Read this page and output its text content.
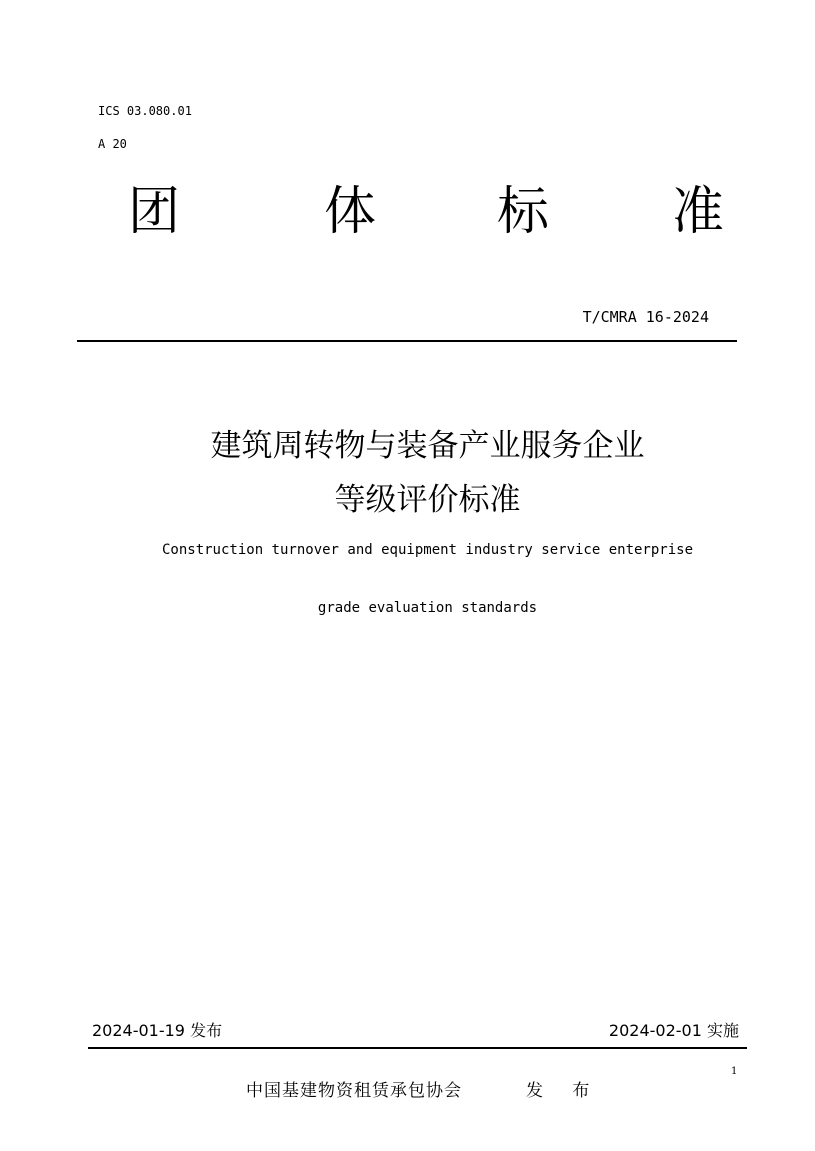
ICS 03.080.01
A 20
团	体 标 准
T/CMRA 16-2024
建筑周转物与装备产业服务企业
等级评价标准
Construction turnover and equipment industry service enterprise
grade evaluation standards
2024-01-19 发布	2024-02-01 实施
中国基建物资租赁承包协会	发 布
1
